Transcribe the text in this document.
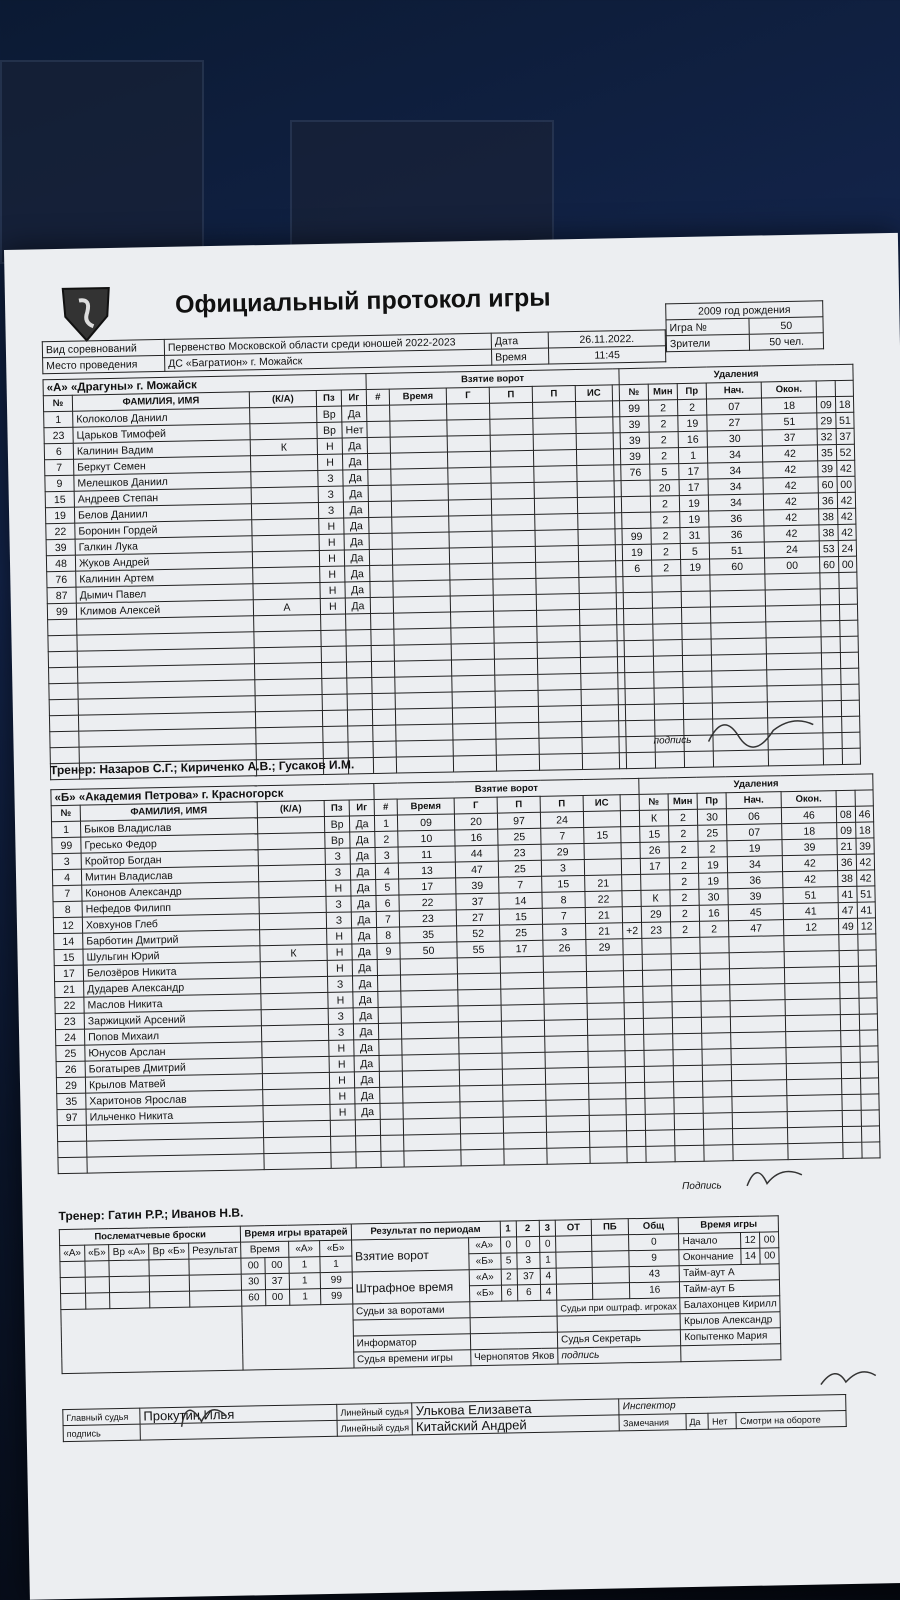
Официальный протокол игры	2009 год рождения	
Игра №	50
Зрители	50 чел.
Вид соревнований	Первенство Московской области среди юношей 2022-2023	Дата	26.11.2022.
Место проведения	ДС «Багратион» г. Можайск	Время	11:45
«А» «Драгуны» г. Можайск					Взятие ворот							Удаления						
№	ФАМИЛИЯ, ИМЯ	(К/А)	Пз	Иг	#	Время	Г	П	П	ИС		№	Мин	Пр	Нач.	Окон.		
1	Колоколов Даниил		Вр	Да								99	2	2	07	18	09	18
23	Царьков Тимофей		Вр	Нет								39	2	19	27	51	29	51
6	Калинин Вадим	К	Н	Да								39	2	16	30	37	32	37
7	Беркут Семен		Н	Да								39	2	1	34	42	35	52
9	Мелешков Даниил		З	Да								76	5	17	34	42	39	42
15	Андреев Степан		З	Да									20	17	34	42	60	00
19	Белов Даниил		З	Да									2	19	34	42	36	42
22	Боронин Гордей		Н	Да									2	19	36	42	38	42
39	Галкин Лука		Н	Да								99	2	31	36	42	38	42
48	Жуков Андрей		Н	Да								19	2	5	51	24	53	24
76	Калинин Артем		Н	Да								6	2	19	60	00	60	00
87	Дымич Павел		Н	Да														
99	Климов Алексей	А	Н	Да														

Тренер: Назаров С.Г.; Кириченко А.В.; Гусаков И.М.
подпись
«Б» «Академия Петрова» г. Красногорск					Взятие ворот							Удаления						
№	ФАМИЛИЯ, ИМЯ	(К/А)	Пз	Иг	#	Время	Г	П	П	ИС		№	Мин	Пр	Нач.	Окон.		
1	Быков Владислав		Вр	Да	1	09	20	97	24			К	2	30	06	46	08	46
99	Гресько Федор		Вр	Да	2	10	16	25	7	15		15	2	25	07	18	09	18
3	Кройтор Богдан		З	Да	3	11	44	23	29			26	2	2	19	39	21	39
4	Митин Владислав		З	Да	4	13	47	25	3			17	2	19	34	42	36	42
7	Кононов Александр		Н	Да	5	17	39	7	15	21			2	19	36	42	38	42
8	Нефедов Филипп		З	Да	6	22	37	14	8	22		К	2	30	39	51	41	51
12	Ховхунов Глеб		З	Да	7	23	27	15	7	21		29	2	16	45	41	47	41
14	Барботин Дмитрий		Н	Да	8	35	52	25	3	21	+2	23	2	2	47	12	49	12
15	Шульгин Юрий	К	Н	Да	9	50	55	17	26	29								
17	Белозёров Никита		Н	Да														
21	Дударев Александр		З	Да														
22	Маслов Никита		Н	Да														
23	Заржицкий Арсений		З	Да														
24	Попов Михаил		З	Да														
25	Юнусов Арслан		Н	Да														
26	Богатырев Дмитрий		Н	Да														
29	Крылов Матвей		Н	Да														
35	Харитонов Ярослав		Н	Да														
97	Ильченко Никита		Н	Да														

Тренер: Гатин Р.Р.; Иванов Н.В.
Подпись
Послематчевые броски					Время игры вратарей				Результат по периодам		1	2	3	ОТ	ПБ	Общ	Время игры		
«А»	«Б»	Вр «А»	Вр «Б»	Результат	Время		«А»	«Б»	Взятие ворот	«А»	0	0	0			0	Начало	12	00
					00	00	1	1		«Б»	5	3	1			9	Окончание	14	00
					30	37	1	99	Штрафное время	«А»	2	37	4			43	Тайм-аут А		
					60	00	1	99		«Б»	6	6	4			16	Тайм-аут Б		
									Судьи за воротами					Судьи при оштраф. игроках			Балахонцев Кирилл		
																	Крылов Александр		
									Информатор					Судья Секретарь			Копытенко Мария		
									Судья времени игры	Чернопятов Яков				подпись					
Главный судья	Прокутин Илья	Линейный судья	Улькова Елизавета	Инспектор			
подпись		Линейный судья	Китайский Андрей	Замечания	Да	Нет	Смотри на обороте
